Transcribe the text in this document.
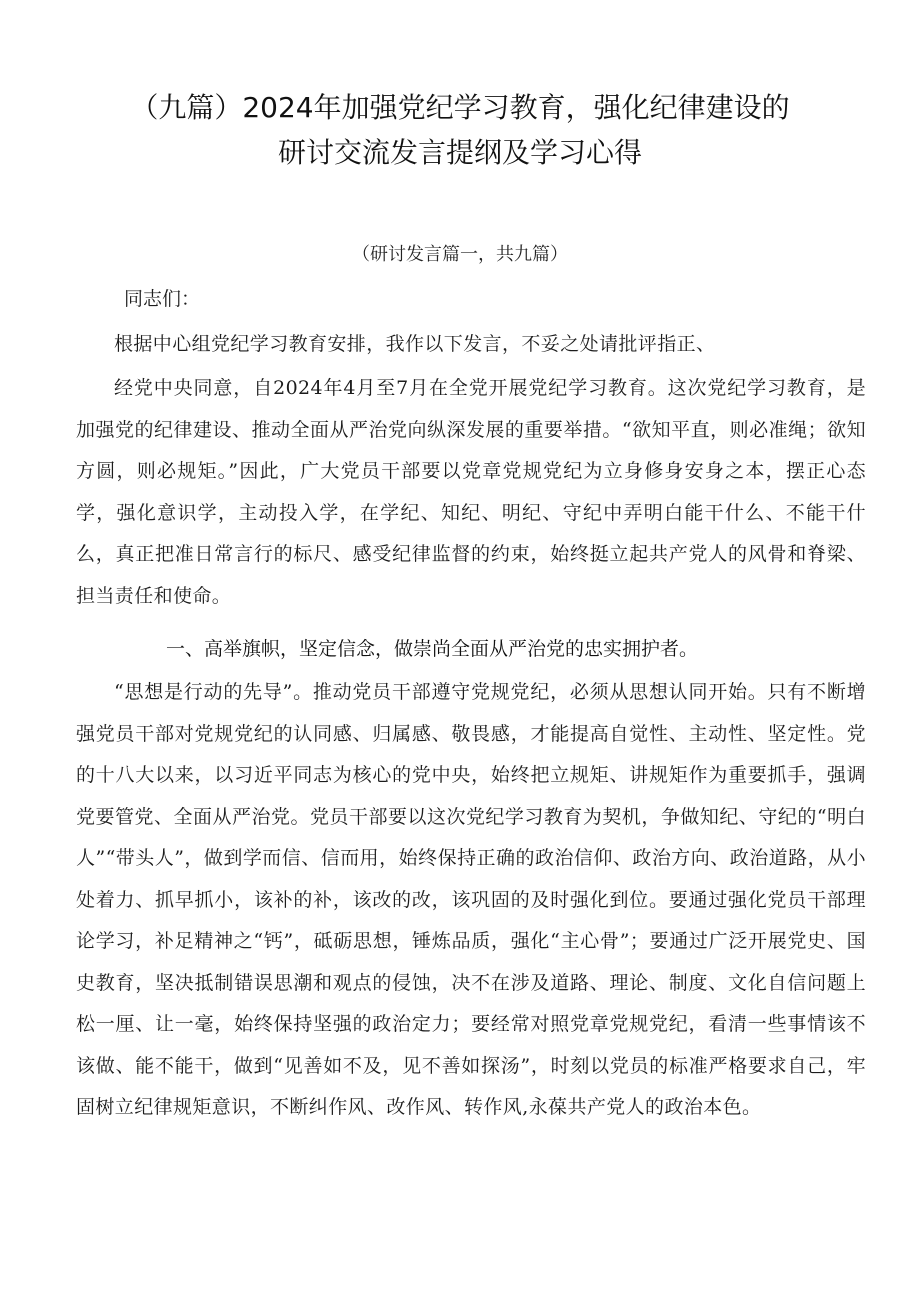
（九篇）2024年加强党纪学习教育，强化纪律建设的
研讨交流发言提纲及学习心得
（研讨发言篇一，共九篇）
同志们：

根据中心组党纪学习教育安排，我作以下发言，不妥之处请批评指正、

经党中央同意，自2024年4月至7月在全党开展党纪学习教育。这次党纪学习教育，是加强党的纪律建设、推动全面从严治党向纵深发展的重要举措。“欲知平直，则必准绳；欲知方圆，则必规矩。”因此，广大党员干部要以党章党规党纪为立身修身安身之本，摆正心态学，强化意识学，主动投入学，在学纪、知纪、明纪、守纪中弄明白能干什么、不能干什么，真正把准日常言行的标尺、感受纪律监督的约束，始终挺立起共产党人的风骨和脊梁、担当责任和使命。

一、高举旗帜，坚定信念，做崇尚全面从严治党的忠实拥护者。

“思想是行动的先导”。推动党员干部遵守党规党纪，必须从思想认同开始。只有不断增强党员干部对党规党纪的认同感、归属感、敬畏感，才能提高自觉性、主动性、坚定性。党的十八大以来，以习近平同志为核心的党中央，始终把立规矩、讲规矩作为重要抓手，强调党要管党、全面从严治党。党员干部要以这次党纪学习教育为契机，争做知纪、守纪的“明白人”“带头人”，做到学而信、信而用，始终保持正确的政治信仰、政治方向、政治道路，从小处着力、抓早抓小，该补的补，该改的改，该巩固的及时强化到位。要通过强化党员干部理论学习，补足精神之“钙”，砥砺思想，锤炼品质，强化“主心骨”；要通过广泛开展党史、国史教育，坚决抵制错误思潮和观点的侵蚀，决不在涉及道路、理论、制度、文化自信问题上松一厘、让一毫，始终保持坚强的政治定力；要经常对照党章党规党纪，看清一些事情该不该做、能不能干，做到“见善如不及，见不善如探汤”，时刻以党员的标准严格要求自己，牢固树立纪律规矩意识，不断纠作风、改作风、转作风,永葆共产党人的政治本色。
